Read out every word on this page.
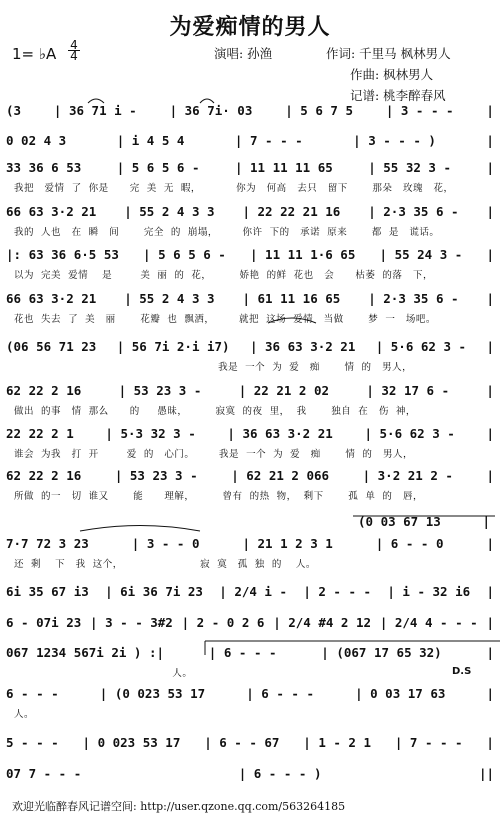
为爱痴情的男人
1= ♭A 4
4	演唱: 孙渔	作词: 千里马 枫林男人
作曲: 枫林男人
记谱: 桃李醉春风
(3	| 36 71 i -	| 36 7i· 03	| 5 6 7 5	| 3 - - -	|
0 02 4 3	| i 4 5 4	| 7 - - -	| 3 - - - )	|
33 36 6 53	| 5 6 5 6 -	| 11 11 11 65	| 55 32 3 -	|
我把   爱情  了  你是      完  美  无  暇，          你为   何高   去只   留下       那朵   玫瑰   花，
66 63 3·2 21 | 55 2 4 3 3 | 22 22 21 16 | 2·3 35 6 - |
我的  人也   在  瞬   间       完全  的  崩塌，       你许  下的   承诺  原来       都  是   谎话。
|: 63 36 6·5 53 | 5 6 5 6 - | 11 11 1·6 65 | 55 24 3 - |
以为  完美  爱情    是        美  丽  的  花，        娇艳  的鲜  花也   会      枯萎  的落   下，
66 63 3·2 21 | 55 2 4 3 3 | 61 11 16 65 | 2·3 35 6 - |
花也  失去  了  美   丽       花瓣  也  飘洒，       就把  这场  爱情   当做       梦  一   场吧。
(06 56 71 23 | 56 7i 2·i i7) | 36 63 3·2 21 | 5·6 62 3 - |
我是  一个  为  爱   痴       情  的   男人，
62 22 2 16	| 53 23 3 -	| 22 21 2 02	| 32 17 6 -	|
做出  的事   情  那么      的     愚昧，        寂寞  的夜  里，  我       独自  在   伤  神，
22 22 2 1	| 5·3 32 3 -	| 36 63 3·2 21	| 5·6 62 3 -	|
谁会  为我   打  开        爱  的   心门。       我是  一个  为  爱   痴       情  的   男人，
62 22 2 16	| 53 23 3 -	| 62 21 2 066	| 3·2 21 2 -	|
所做  的一   切  谁又       能      理解，        曾有  的热  物，  剩下       孤  单  的   唇，
(0 03 67 13	|
7·7 72 3 23	| 3 - - 0	| 21 1 2 3 1	| 6 - - 0	|
还  剩    下   我  这个，                      寂  寞   孤  独  的    人。
6i 35 67 i3 | 6i 36 7i 23 | 2/4 i - | 2 - - - | i - 32 i6 |
6 - 07i 23 | 3 - - 3#2 | 2 - 0 2 6 | 2/4 #4 2 12 | 2/4 4 - - - |
067 1234 567i 2i ) :|	| 6 - - -	| (067 17 65 32)	|
人。
6 - - -	| (0 023 53 17	| 6 - - -	| 0 03 17 63	|
人。
5 - - - | 0 023 53 17 | 6 - - 67 | 1 - 2 1 | 7 - - - |
07 7 - - -	| 6 - - - )	||
D.S
欢迎光临醉春风记谱空间: http://user.qzone.qq.com/563264185
